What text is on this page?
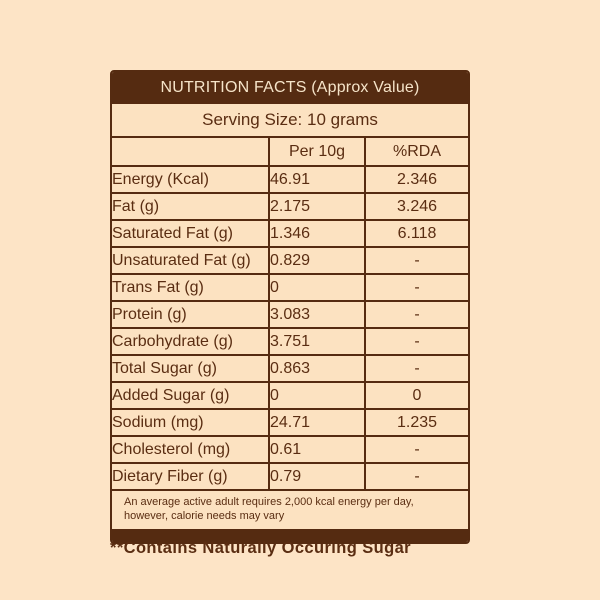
NUTRITION FACTS (Approx Value)
Serving Size: 10 grams
	Per 10g	%RDA
Energy (Kcal)	46.91	2.346
Fat (g)	2.175	3.246
Saturated Fat (g)	1.346	6.118
Unsaturated Fat (g)	0.829	-
Trans Fat (g)	0	-
Protein (g)	3.083	-
Carbohydrate (g)	3.751	-
Total Sugar (g)	0.863	-
Added Sugar (g)	0	0
Sodium (mg)	24.71	1.235
Cholesterol (mg)	0.61	-
Dietary Fiber (g)	0.79	-
An average active adult requires 2,000 kcal energy per day,
however, calorie needs may vary
**Contains Naturally Occuring Sugar
